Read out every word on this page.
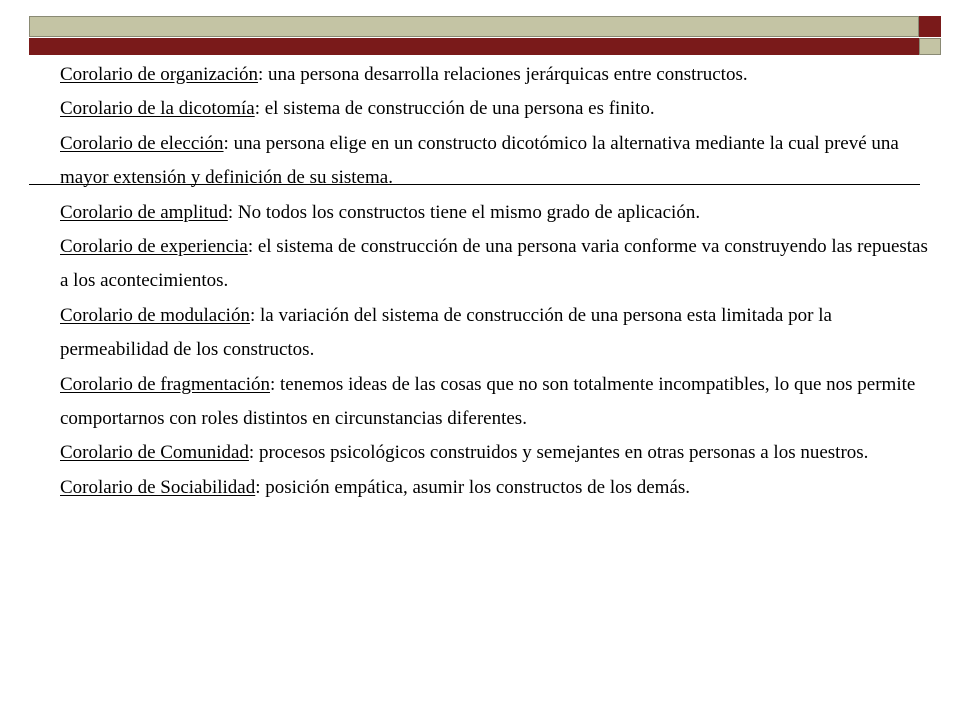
Corolario de organización: una persona desarrolla relaciones jerárquicas entre constructos.

Corolario de la dicotomía: el sistema de construcción de una persona es finito.

Corolario de elección: una persona elige en un constructo dicotómico la alternativa mediante la cual prevé una mayor extensión y definición de su sistema.

Corolario de amplitud: No todos los constructos tiene el mismo grado de aplicación.

Corolario de experiencia: el sistema de construcción de una persona varia conforme va construyendo las repuestas a los acontecimientos.

Corolario de modulación: la variación del sistema de construcción de una persona esta limitada por la permeabilidad de los constructos.

Corolario de fragmentación: tenemos ideas de las cosas que no son totalmente incompatibles, lo que nos permite comportarnos con roles distintos en circunstancias diferentes.

Corolario de Comunidad: procesos psicológicos construidos y semejantes en otras personas a los nuestros.

Corolario de Sociabilidad: posición empática, asumir los constructos de los demás.
